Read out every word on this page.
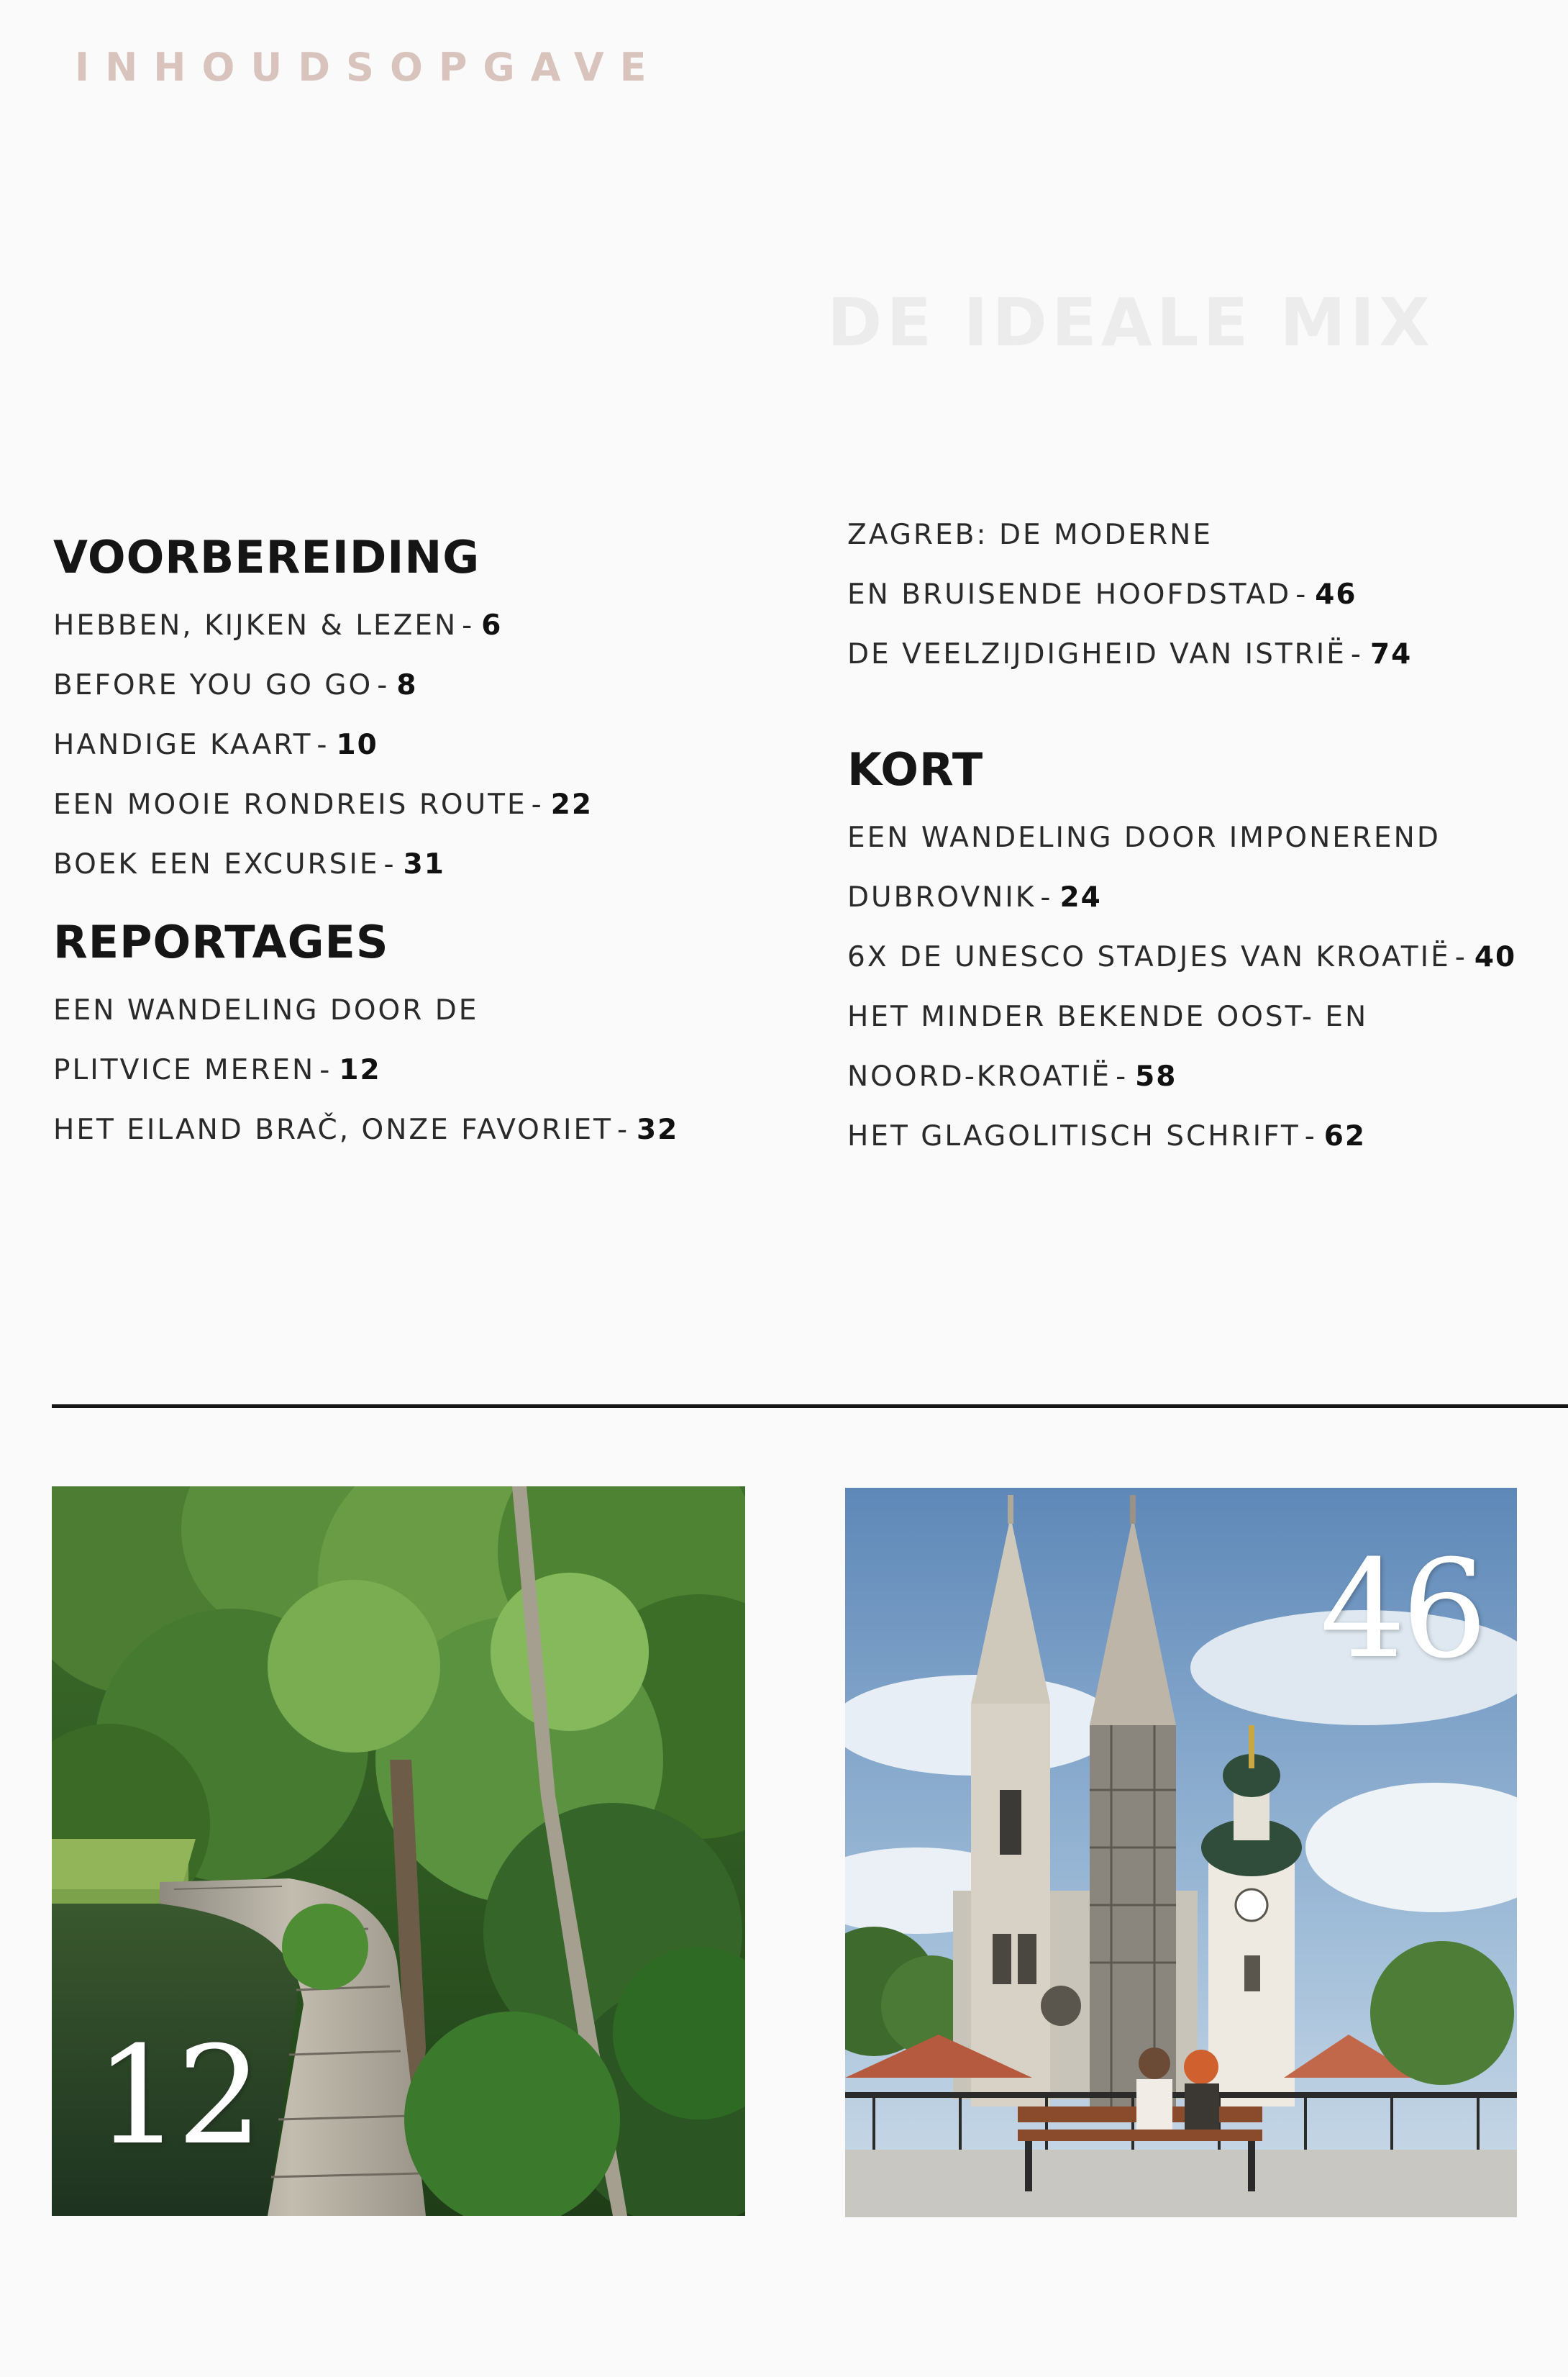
INHOUDSOPGAVE
DE IDEALE MIX
VOORBEREIDING

HEBBEN, KIJKEN & LEZEN - 6

BEFORE YOU GO GO - 8

HANDIGE KAART - 10

EEN MOOIE RONDREIS ROUTE - 22

BOEK EEN EXCURSIE - 31

REPORTAGES

EEN WANDELING DOOR DE

PLITVICE MEREN - 12

HET EILAND BRAČ, ONZE FAVORIET - 32

ZAGREB: DE MODERNE

EN BRUISENDE HOOFDSTAD - 46

DE VEELZIJDIGHEID VAN ISTRIË - 74

KORT

EEN WANDELING DOOR IMPONEREND

DUBROVNIK - 24

6X DE UNESCO STADJES VAN KROATIË - 40

HET MINDER BEKENDE OOST- EN

NOORD-KROATIË - 58

HET GLAGOLITISCH SCHRIFT - 62

12
46
